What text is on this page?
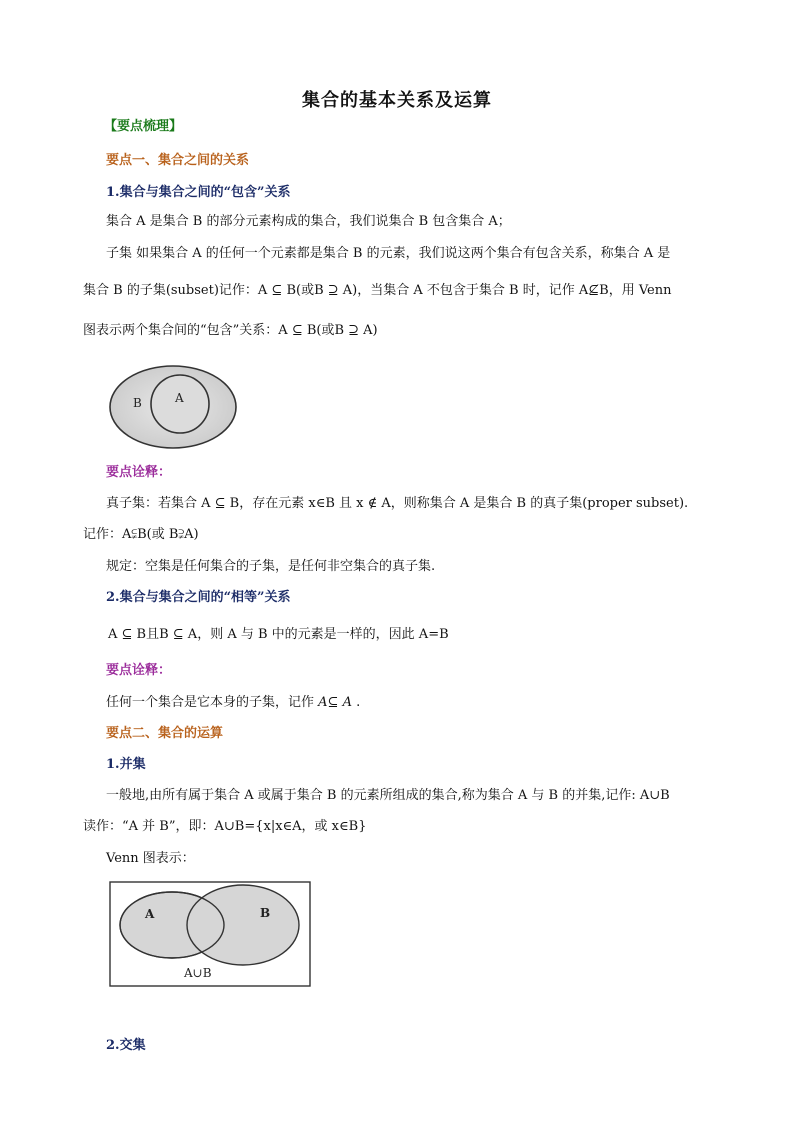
集合的基本关系及运算
【要点梳理】
要点一、集合之间的关系
1.集合与集合之间的“包含”关系
集合 A 是集合 B 的部分元素构成的集合，我们说集合 B 包含集合 A；
子集 如果集合 A 的任何一个元素都是集合 B 的元素，我们说这两个集合有包含关系，称集合 A 是
集合 B 的子集(subset)记作：A ⊆ B(或B ⊇ A)，当集合 A 不包含于集合 B 时，记作 A⊈B，用 Venn
图表示两个集合间的“包含”关系：A ⊆ B(或B ⊇ A)
B	A
要点诠释：
真子集：若集合 A ⊆ B，存在元素 x∈B 且 x ∉ A，则称集合 A 是集合 B 的真子集(proper subset).
记作：A⫋B(或 B⫌A)
规定：空集是任何集合的子集，是任何非空集合的真子集.
2.集合与集合之间的“相等”关系
A ⊆ B且B ⊆ A，则 A 与 B 中的元素是一样的，因此 A=B
要点诠释：
任何一个集合是它本身的子集，记作 A⊆ A .
要点二、集合的运算
1.并集
一般地,由所有属于集合 A 或属于集合 B 的元素所组成的集合,称为集合 A 与 B 的并集,记作: A∪B
读作：“A 并 B”，即：A∪B={x|x∈A，或 x∈B}
Venn 图表示：
A	B
A∪B
2.交集
